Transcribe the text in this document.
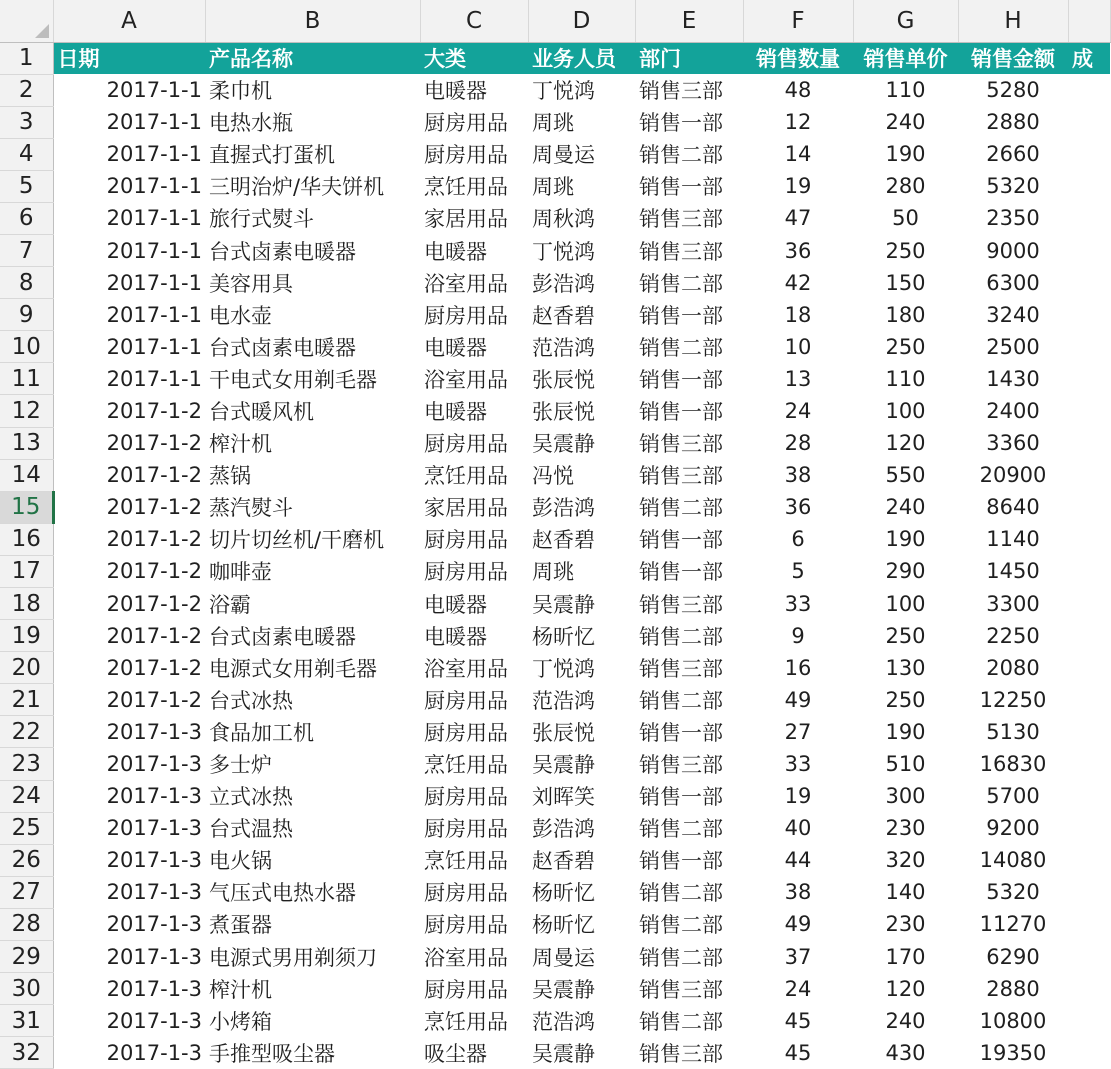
	A	B	C	D	E	F	G	H	
1	日期	产品名称	大类	业务人员	部门	销售数量	销售单价	销售金额	成
2	2017-1-1	柔巾机	电暖器	丁悦鸿	销售三部	48	110	5280	
3	2017-1-1	电热水瓶	厨房用品	周珧	销售一部	12	240	2880	
4	2017-1-1	直握式打蛋机	厨房用品	周曼运	销售二部	14	190	2660	
5	2017-1-1	三明治炉/华夫饼机	烹饪用品	周珧	销售一部	19	280	5320	
6	2017-1-1	旅行式熨斗	家居用品	周秋鸿	销售三部	47	50	2350	
7	2017-1-1	台式卤素电暖器	电暖器	丁悦鸿	销售三部	36	250	9000	
8	2017-1-1	美容用具	浴室用品	彭浩鸿	销售二部	42	150	6300	
9	2017-1-1	电水壶	厨房用品	赵香碧	销售一部	18	180	3240	
10	2017-1-1	台式卤素电暖器	电暖器	范浩鸿	销售二部	10	250	2500	
11	2017-1-1	干电式女用剃毛器	浴室用品	张辰悦	销售一部	13	110	1430	
12	2017-1-2	台式暖风机	电暖器	张辰悦	销售一部	24	100	2400	
13	2017-1-2	榨汁机	厨房用品	吴震静	销售三部	28	120	3360	
14	2017-1-2	蒸锅	烹饪用品	冯悦	销售三部	38	550	20900	
15	2017-1-2	蒸汽熨斗	家居用品	彭浩鸿	销售二部	36	240	8640	
16	2017-1-2	切片切丝机/干磨机	厨房用品	赵香碧	销售一部	6	190	1140	
17	2017-1-2	咖啡壶	厨房用品	周珧	销售一部	5	290	1450	
18	2017-1-2	浴霸	电暖器	吴震静	销售三部	33	100	3300	
19	2017-1-2	台式卤素电暖器	电暖器	杨昕忆	销售二部	9	250	2250	
20	2017-1-2	电源式女用剃毛器	浴室用品	丁悦鸿	销售三部	16	130	2080	
21	2017-1-2	台式冰热	厨房用品	范浩鸿	销售二部	49	250	12250	
22	2017-1-3	食品加工机	厨房用品	张辰悦	销售一部	27	190	5130	
23	2017-1-3	多士炉	烹饪用品	吴震静	销售三部	33	510	16830	
24	2017-1-3	立式冰热	厨房用品	刘晖笑	销售一部	19	300	5700	
25	2017-1-3	台式温热	厨房用品	彭浩鸿	销售二部	40	230	9200	
26	2017-1-3	电火锅	烹饪用品	赵香碧	销售一部	44	320	14080	
27	2017-1-3	气压式电热水器	厨房用品	杨昕忆	销售二部	38	140	5320	
28	2017-1-3	煮蛋器	厨房用品	杨昕忆	销售二部	49	230	11270	
29	2017-1-3	电源式男用剃须刀	浴室用品	周曼运	销售二部	37	170	6290	
30	2017-1-3	榨汁机	厨房用品	吴震静	销售三部	24	120	2880	
31	2017-1-3	小烤箱	烹饪用品	范浩鸿	销售二部	45	240	10800	
32	2017-1-3	手推型吸尘器	吸尘器	吴震静	销售三部	45	430	19350	
